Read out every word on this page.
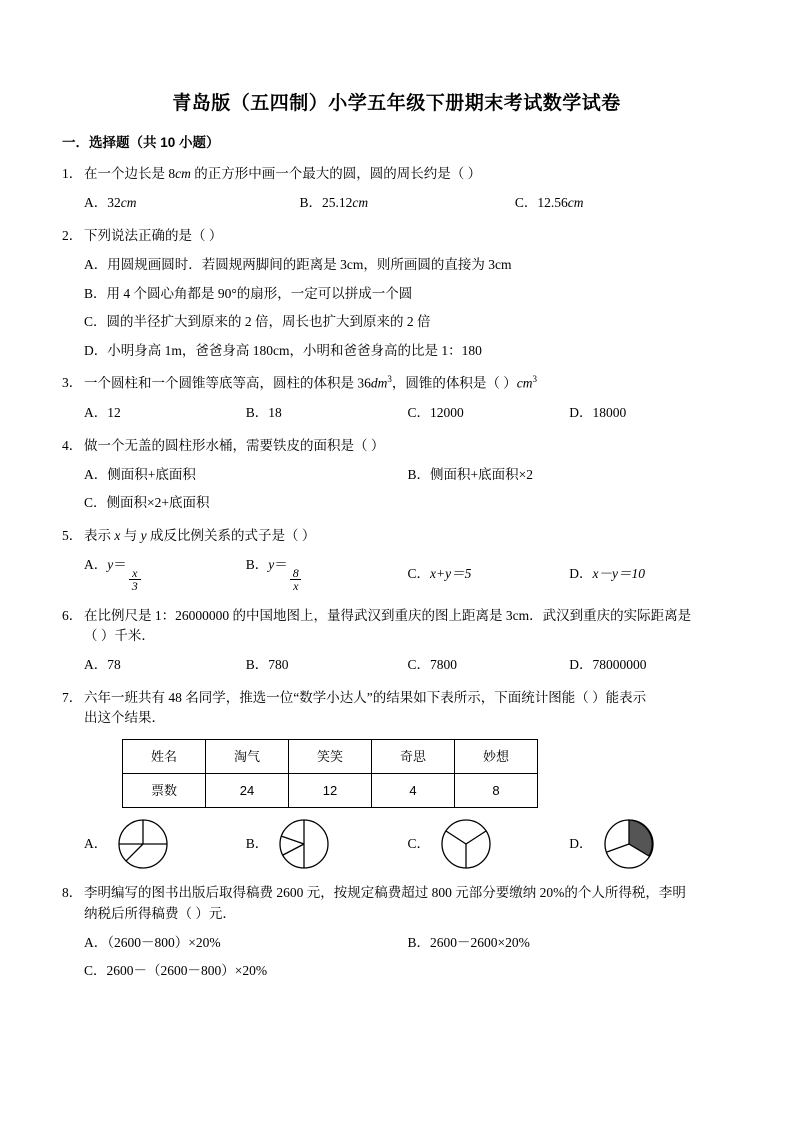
青岛版（五四制）小学五年级下册期末考试数学试卷
一．选择题（共 10 小题）
1． 在一个边长是 8cm 的正方形中画一个最大的圆，圆的周长约是（ ）
A．32cm	B．25.12cm	C．12.56cm
2． 下列说法正确的是（ ）
A．用圆规画圆时．若圆规两脚间的距离是 3cm，则所画圆的直接为 3cm
B．用 4 个圆心角都是 90°的扇形，一定可以拼成一个圆
C．圆的半径扩大到原来的 2 倍，周长也扩大到原来的 2 倍
D．小明身高 1m，爸爸身高 180cm，小明和爸爸身高的比是 1：180
3． 一个圆柱和一个圆锥等底等高，圆柱的体积是 $36dm^3$，圆锥的体积是（ ）$cm^3$
A．12	B．18	C．12000	D．18000
4． 做一个无盖的圆柱形水桶，需要铁皮的面积是（ ）
A．侧面积+底面积	B．侧面积+底面积×2
C．侧面积×2+底面积
5． 表示 x 与 y 成反比例关系的式子是（ ）
A．y＝
$\frac{x}{3}$
B．y＝
$\frac{8}{x}$	C．x+y＝5	D．x－y＝10
6． 在比例尺是 1：26000000 的中国地图上，量得武汉到重庆的图上距离是 3cm．武汉到重庆的实际距离是
（ ）千米．
A．78	B．780	C．7800	D．78000000
7． 六年一班共有 48 名同学，推选一位“数学小达人”的结果如下表所示，下面统计图能（ ）能表示
出这个结果．
姓名	淘气	笑笑	奇思	妙想
票数	24	12	4	8
A．	B．	C．	D．
8． 李明编写的图书出版后取得稿费 2600 元，按规定稿费超过 800 元部分要缴纳 20%的个人所得税，李明
纳税后所得稿费（ ）元．
A．（2600－800）×20%	B．2600－2600×20%
C．2600－（2600－800）×20%
